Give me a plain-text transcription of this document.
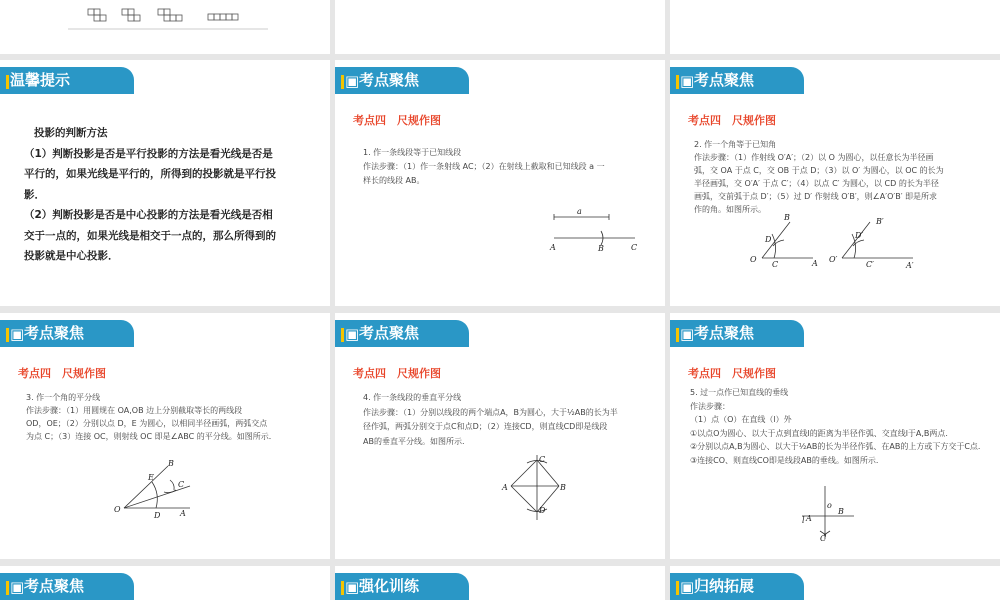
温馨提示

投影的判断方法

（1）判断投影是否是平行投影的方法是看光线是否是

平行的，如果光线是平行的，所得到的投影就是平行投

影．

（2）判断投影是否是中心投影的方法是看光线是否相

交于一点的，如果光线是相交于一点的，那么所得到的

投影就是中心投影．

▣考点聚焦
考点四　尺规作图

1. 作一条线段等于已知线段

作法步骤：（1）作一条射线 AC；（2）在射线上截取和已知线段 a 一

样长的线段 AB。

a
A	B	C
▣考点聚焦
考点四　尺规作图

2. 作一个角等于已知角

作法步骤：（1）作射线 O′A′；（2）以 O 为圆心，以任意长为半径画

弧，交 OA 于点 C，交 OB 于点 D；（3）以 O′ 为圆心，以 OC 的长为

半径画弧，交 O′A′ 于点 C′；（4）以点 C′ 为圆心，以 CD 的长为半径

画弧，交前弧于点 D′；（5）过 D′ 作射线 O′B′，则∠A′O′B′ 即是所求

作的角。如图所示。

B
D
O
C	A
B′
D′
O′
C′	A′
▣考点聚焦
考点四　尺规作图

3. 作一个角的平分线

作法步骤：（1）用圆规在 OA,OB 边上分别截取等长的两线段

OD，OE；（2）分别以点 D，E 为圆心，以相同半径画弧，两弧交点

为点 C；（3）连接 OC，则射线 OC 即是∠ABC 的平分线。如图所示．

B
E
C
O
D A
▣考点聚焦
考点四　尺规作图

4. 作一条线段的垂直平分线

作法步骤：（1）分别以线段的两个端点A，B为圆心，大于½AB的长为半

径作弧，两弧分别交于点C和点D；（2）连接CD，则直线CD即是线段

AB的垂直平分线。如图所示.

C
A	B
D
▣考点聚焦
考点四　尺规作图

5. 过一点作已知直线的垂线

作法步骤：

（1）点（O）在直线（l）外

①以点O为圆心、以大于点到直线l的距离为半径作弧、交直线l于A,B两点.

②分别以点A,B为圆心、以大于½AB的长为半径作弧、在AB的上方或下方交于C点.

③连接CO、则直线CO即是线段AB的垂线。如图所示.

o
A
B
l
C
▣考点聚焦	▣强化训练	▣归纳拓展
